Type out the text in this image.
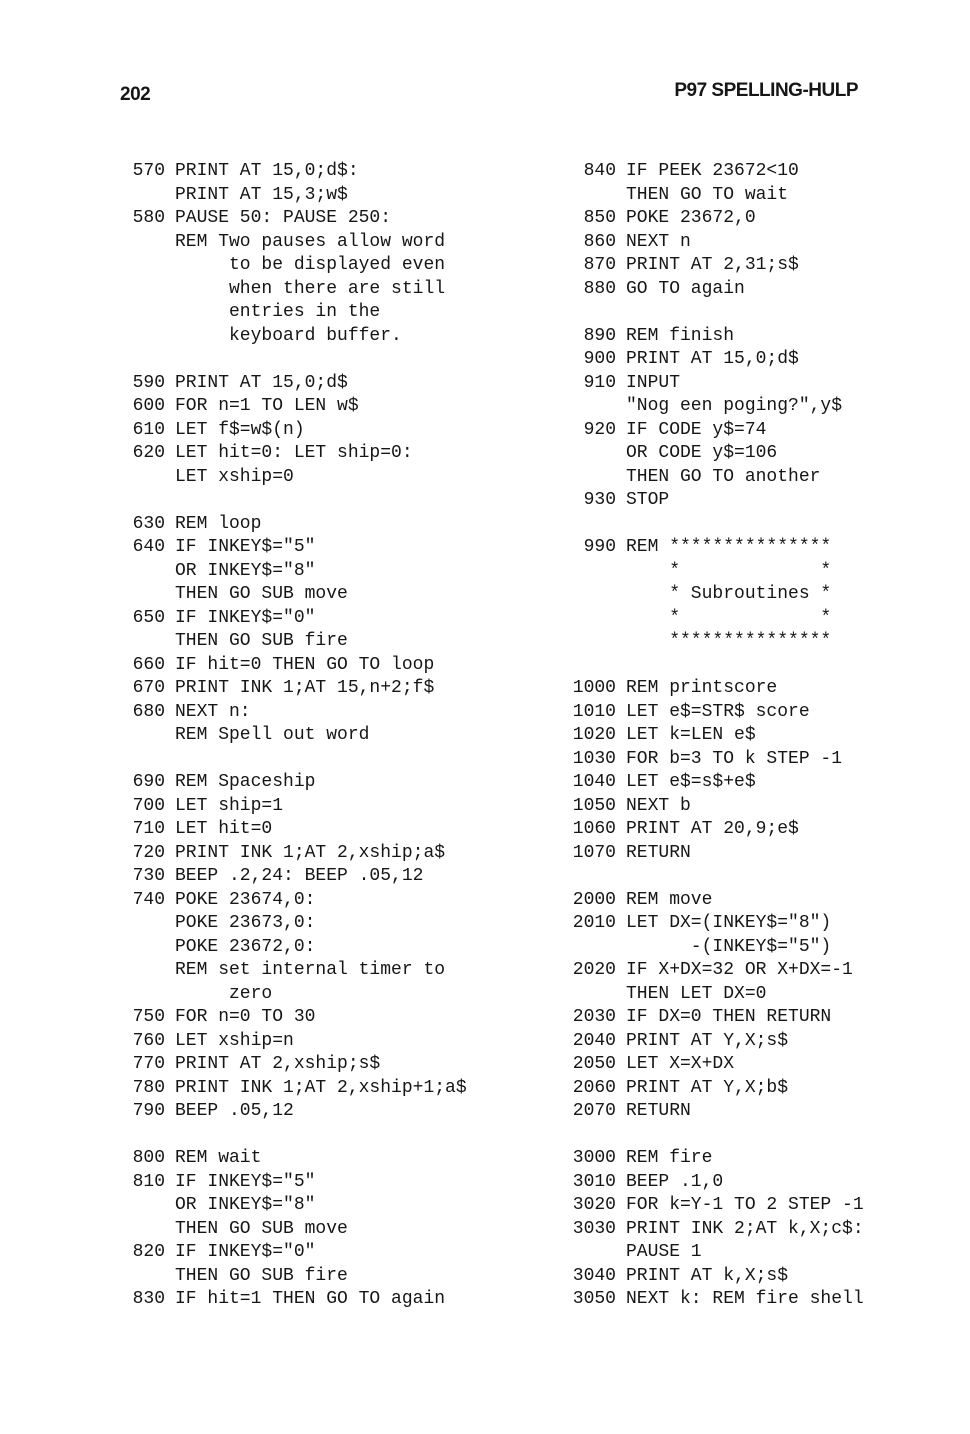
202	P97 SPELLING-HULP
570 PRINT AT 15,0;d$:
PRINT AT 15,3;w$
580 PAUSE 50: PAUSE 250:
REM Two pauses allow word
to be displayed even
when there are still
entries in the
keyboard buffer.
590 PRINT AT 15,0;d$
600 FOR n=1 TO LEN w$
610 LET f$=w$(n)
620 LET hit=0: LET ship=0:
LET xship=0
630 REM loop
640 IF INKEY$="5"
OR INKEY$="8"
THEN GO SUB move
650 IF INKEY$="0"
THEN GO SUB fire
660 IF hit=0 THEN GO TO loop
670 PRINT INK 1;AT 15,n+2;f$
680 NEXT n:
REM Spell out word
690 REM Spaceship
700 LET ship=1
710 LET hit=0
720 PRINT INK 1;AT 2,xship;a$
730 BEEP .2,24: BEEP .05,12
740 POKE 23674,0:
POKE 23673,0:
POKE 23672,0:
REM set internal timer to
zero
750 FOR n=0 TO 30
760 LET xship=n
770 PRINT AT 2,xship;s$
780 PRINT INK 1;AT 2,xship+1;a$
790 BEEP .05,12
800 REM wait
810 IF INKEY$="5"
OR INKEY$="8"
THEN GO SUB move
820 IF INKEY$="0"
THEN GO SUB fire
830 IF hit=1 THEN GO TO again
840 IF PEEK 23672<10
THEN GO TO wait
850 POKE 23672,0
860 NEXT n
870 PRINT AT 2,31;s$
880 GO TO again
890 REM finish
900 PRINT AT 15,0;d$
910 INPUT
"Nog een poging?",y$
920 IF CODE y$=74
OR CODE y$=106
THEN GO TO another
930 STOP
990 REM ***************
*             *
* Subroutines *
*             *
***************
1000 REM printscore
1010 LET e$=STR$ score
1020 LET k=LEN e$
1030 FOR b=3 TO k STEP -1
1040 LET e$=s$+e$
1050 NEXT b
1060 PRINT AT 20,9;e$
1070 RETURN
2000 REM move
2010 LET DX=(INKEY$="8")
-(INKEY$="5")
2020 IF X+DX=32 OR X+DX=-1
THEN LET DX=0
2030 IF DX=0 THEN RETURN
2040 PRINT AT Y,X;s$
2050 LET X=X+DX
2060 PRINT AT Y,X;b$
2070 RETURN
3000 REM fire
3010 BEEP .1,0
3020 FOR k=Y-1 TO 2 STEP -1
3030 PRINT INK 2;AT k,X;c$:
PAUSE 1
3040 PRINT AT k,X;s$
3050 NEXT k: REM fire shell
